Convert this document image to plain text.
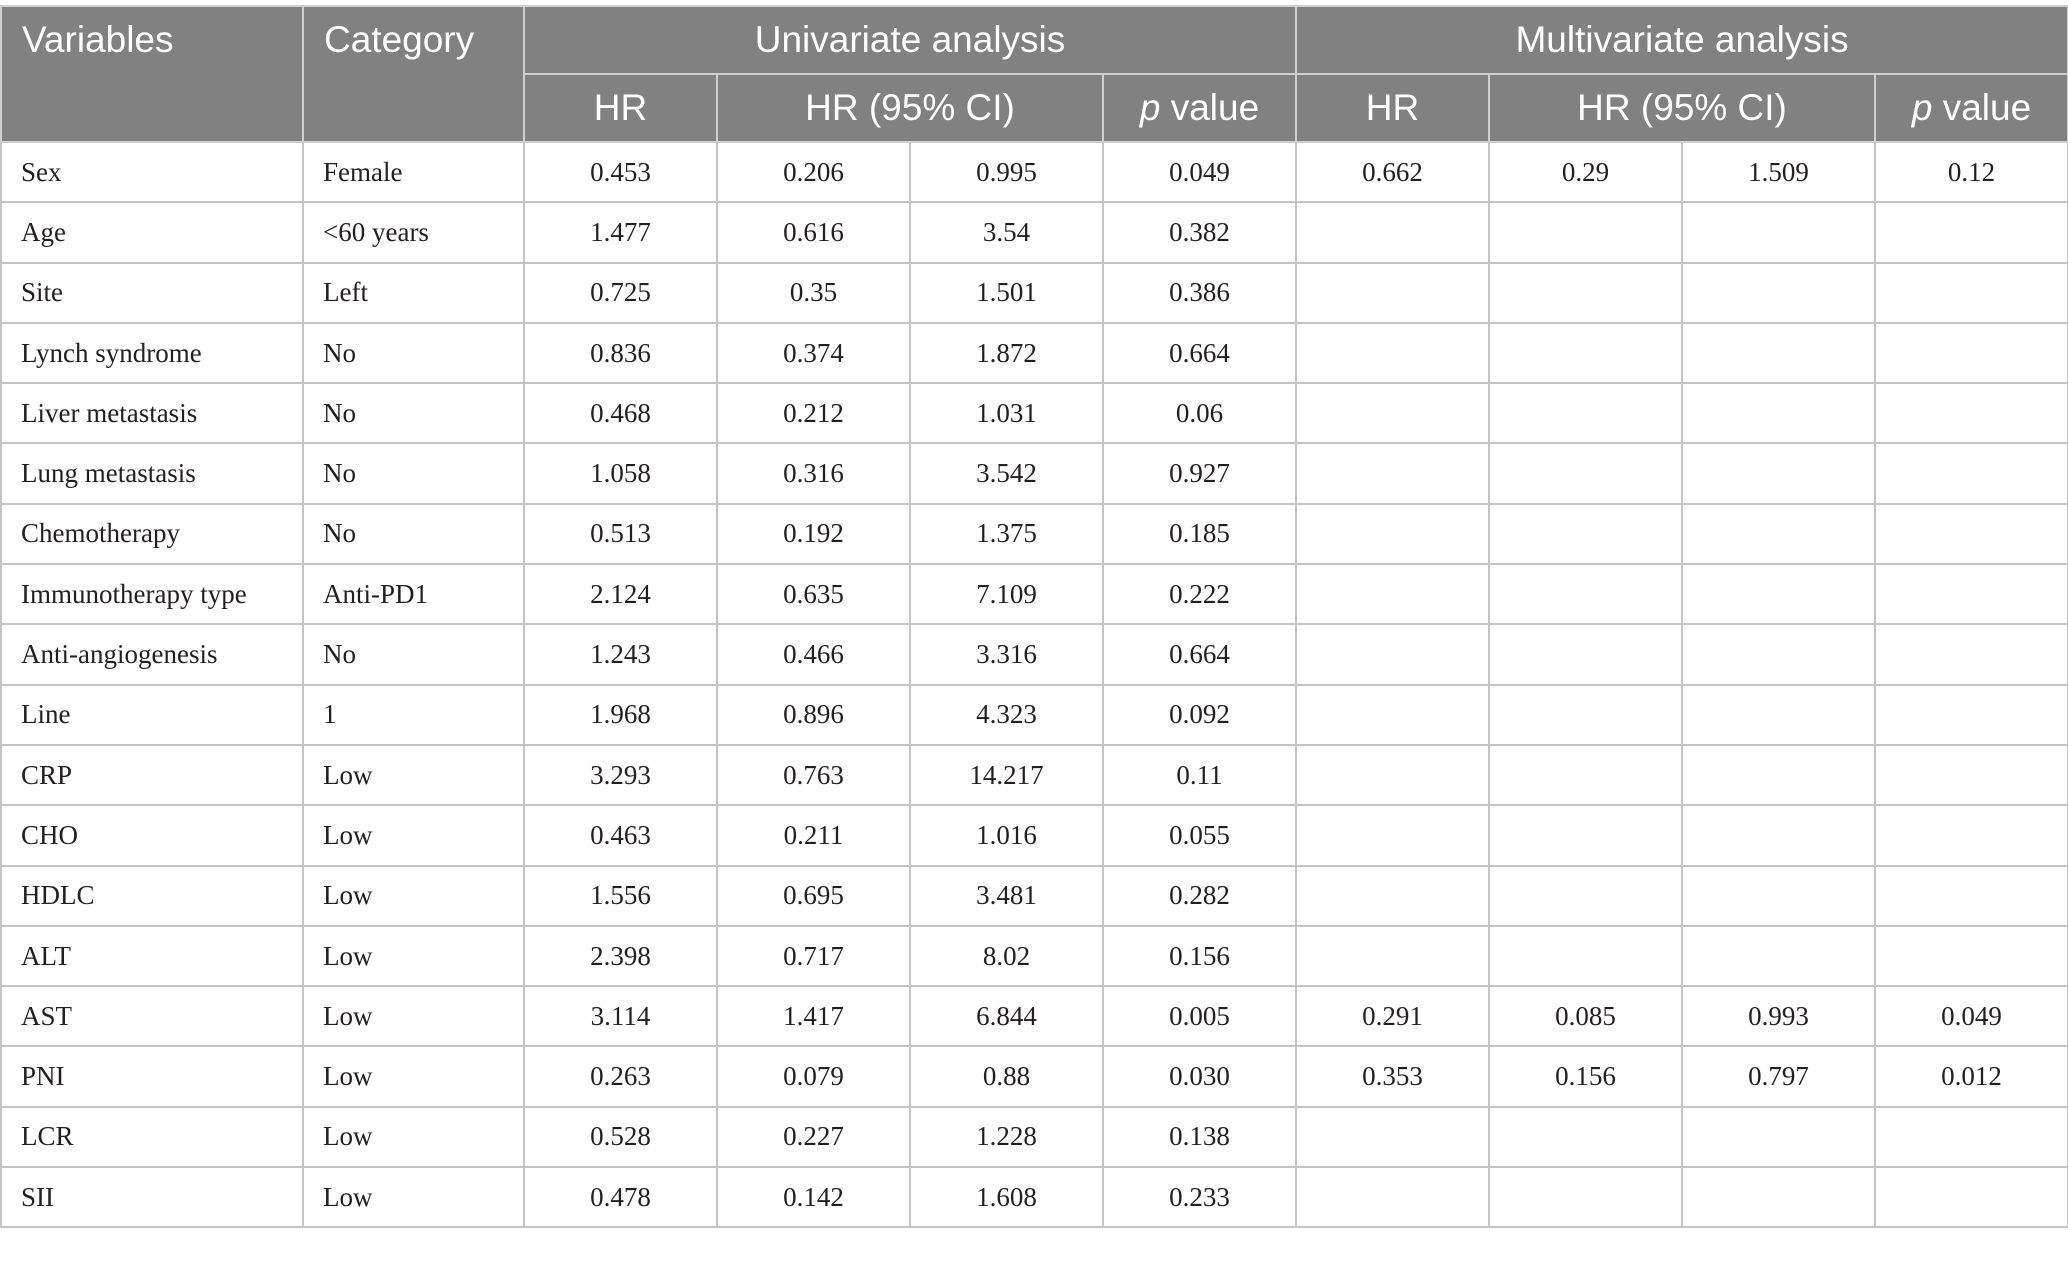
Variables	Category	Univariate analysis				Multivariate analysis			
		HR	HR (95% CI)		p value	HR	HR (95% CI)		p value
Sex	Female	0.453	0.206	0.995	0.049	0.662	0.29	1.509	0.12
Age	<60 years	1.477	0.616	3.54	0.382				
Site	Left	0.725	0.35	1.501	0.386				
Lynch syndrome	No	0.836	0.374	1.872	0.664				
Liver metastasis	No	0.468	0.212	1.031	0.06				
Lung metastasis	No	1.058	0.316	3.542	0.927				
Chemotherapy	No	0.513	0.192	1.375	0.185				
Immunotherapy type	Anti-PD1	2.124	0.635	7.109	0.222				
Anti-angiogenesis	No	1.243	0.466	3.316	0.664				
Line	1	1.968	0.896	4.323	0.092				
CRP	Low	3.293	0.763	14.217	0.11				
CHO	Low	0.463	0.211	1.016	0.055				
HDLC	Low	1.556	0.695	3.481	0.282				
ALT	Low	2.398	0.717	8.02	0.156				
AST	Low	3.114	1.417	6.844	0.005	0.291	0.085	0.993	0.049
PNI	Low	0.263	0.079	0.88	0.030	0.353	0.156	0.797	0.012
LCR	Low	0.528	0.227	1.228	0.138				
SII	Low	0.478	0.142	1.608	0.233				
